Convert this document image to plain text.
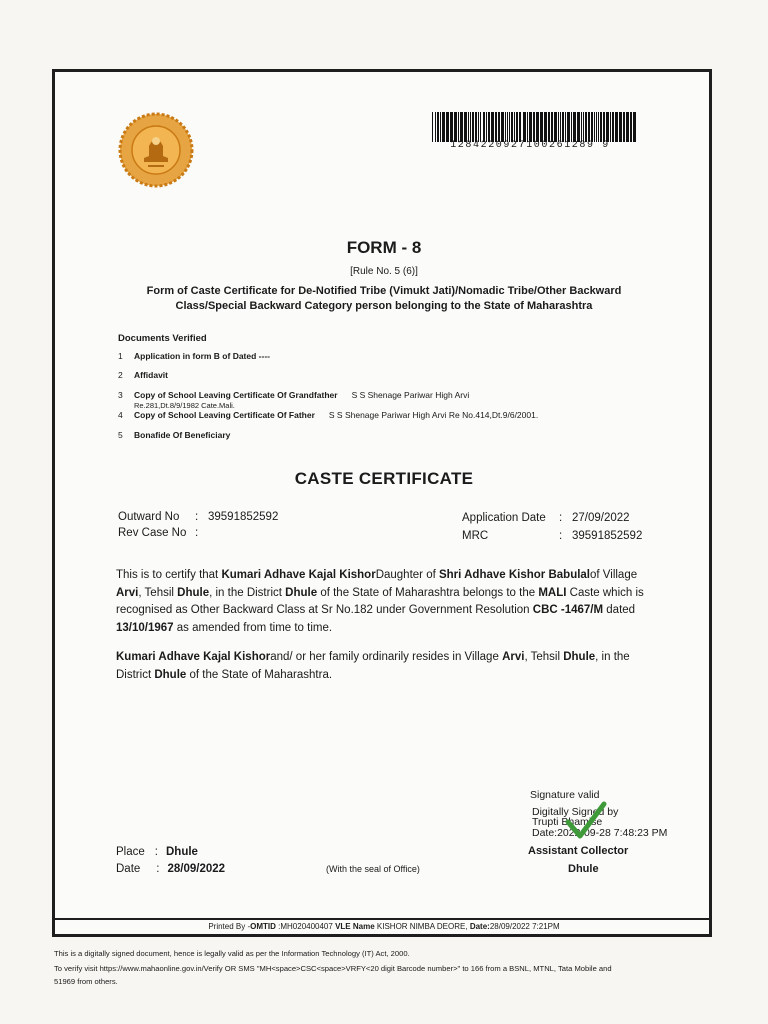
1284220927100261289 9
FORM - 8
[Rule No. 5 (6)]
Form of Caste Certificate for De-Notified Tribe (Vimukt Jati)/Nomadic Tribe/Other Backward Class/Special Backward Category person belonging to the State of Maharashtra
Documents Verified
1 Application in form B of Dated ----
2 Affidavit
3 Copy of School Leaving Certificate Of Grandfather S S Shenage Pariwar High Arvi
Re.281,Dt.8/9/1982 Cate.Mali.
4 Copy of School Leaving Certificate Of Father S S Shenage Pariwar High Arvi Re No.414,Dt.9/6/2001.
5 Bonafide Of Beneficiary
CASTE CERTIFICATE
Outward No : 39591852592
Rev Case No :
Application Date : 27/09/2022
MRC	: 39591852592
This is to certify that Kumari Adhave Kajal KishorDaughter of Shri Adhave Kishor Babulalof Village Arvi, Tehsil Dhule, in the District Dhule of the State of Maharashtra belongs to the MALI Caste which is recognised as Other Backward Class at Sr No.182 under Government Resolution CBC -1467/M dated 13/10/1967 as amended from time to time.
Kumari Adhave Kajal Kishorand/ or her family ordinarily resides in Village Arvi, Tehsil Dhule, in the District Dhule of the State of Maharashtra.
Signature valid
Digitally Signed by
Trupti Bhamise
Date:2022-09-28 7:48:23 PM
Assistant Collector
Dhule
Place : Dhule
Date : 28/09/2022	(With the seal of Office)
Printed By -OMTID :MH020400407 VLE Name KISHOR NIMBA DEORE, Date:28/09/2022 7:21PM
This is a digitally signed document, hence is legally valid as per the Information Technology (IT) Act, 2000.
To verify visit https://www.mahaonline.gov.in/Verify OR SMS "MH<space>CSC<space>VRFY<20 digit Barcode number>" to 166 from a BSNL, MTNL, Tata Mobile and
51969 from others.
